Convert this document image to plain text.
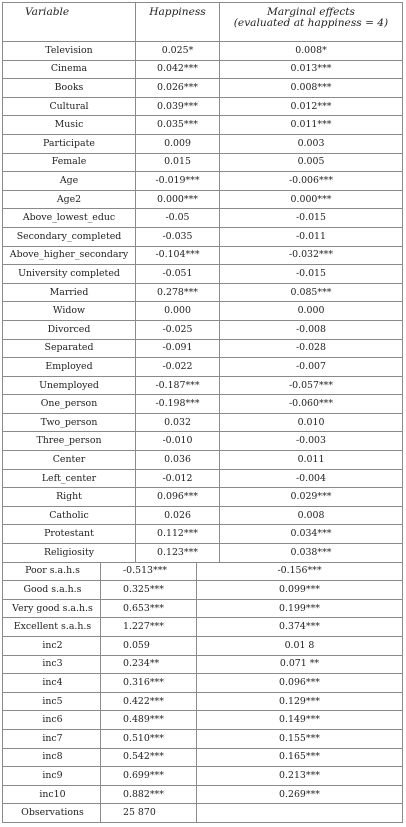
Variable	Happiness	Marginal effects
(evaluated at happiness = 4)
Television	0.025*	0.008*
Cinema	0.042***	0.013***
Books	0.026***	0.008***
Cultural	0.039***	0.012***
Music	0.035***	0.011***
Participate	0.009	0.003
Female	0.015	0.005
Age	-0.019***	-0.006***
Age2	0.000***	0.000***
Above_lowest_educ	-0.05	-0.015
Secondary_completed	-0.035	-0.011
Above_higher_secondary	-0.104***	-0.032***
University completed	-0.051	-0.015
Married	0.278***	0.085***
Widow	0.000	0.000
Divorced	-0.025	-0.008
Separated	-0.091	-0.028
Employed	-0.022	-0.007
Unemployed	-0.187***	-0.057***
One_person	-0.198***	-0.060***
Two_person	0.032	0.010
Three_person	-0.010	-0.003
Center	0.036	0.011
Left_center	-0.012	-0.004
Right	0.096***	0.029***
Catholic	0.026	0.008
Protestant	0.112***	0.034***
Religiosity	0.123***	0.038***
Poor s.a.h.s	-0.513***	-0.156***
Good s.a.h.s	0.325***	0.099***
Very good s.a.h.s	0.653***	0.199***
Excellent s.a.h.s	1.227***	0.374***
inc2	0.059	0.01 8
inc3	0.234**	0.071 **
inc4	0.316***	0.096***
inc5	0.422***	0.129***
inc6	0.489***	0.149***
inc7	0.510***	0.155***
inc8	0.542***	0.165***
inc9	0.699***	0.213***
inc10	0.882***	0.269***
Observations	25 870
